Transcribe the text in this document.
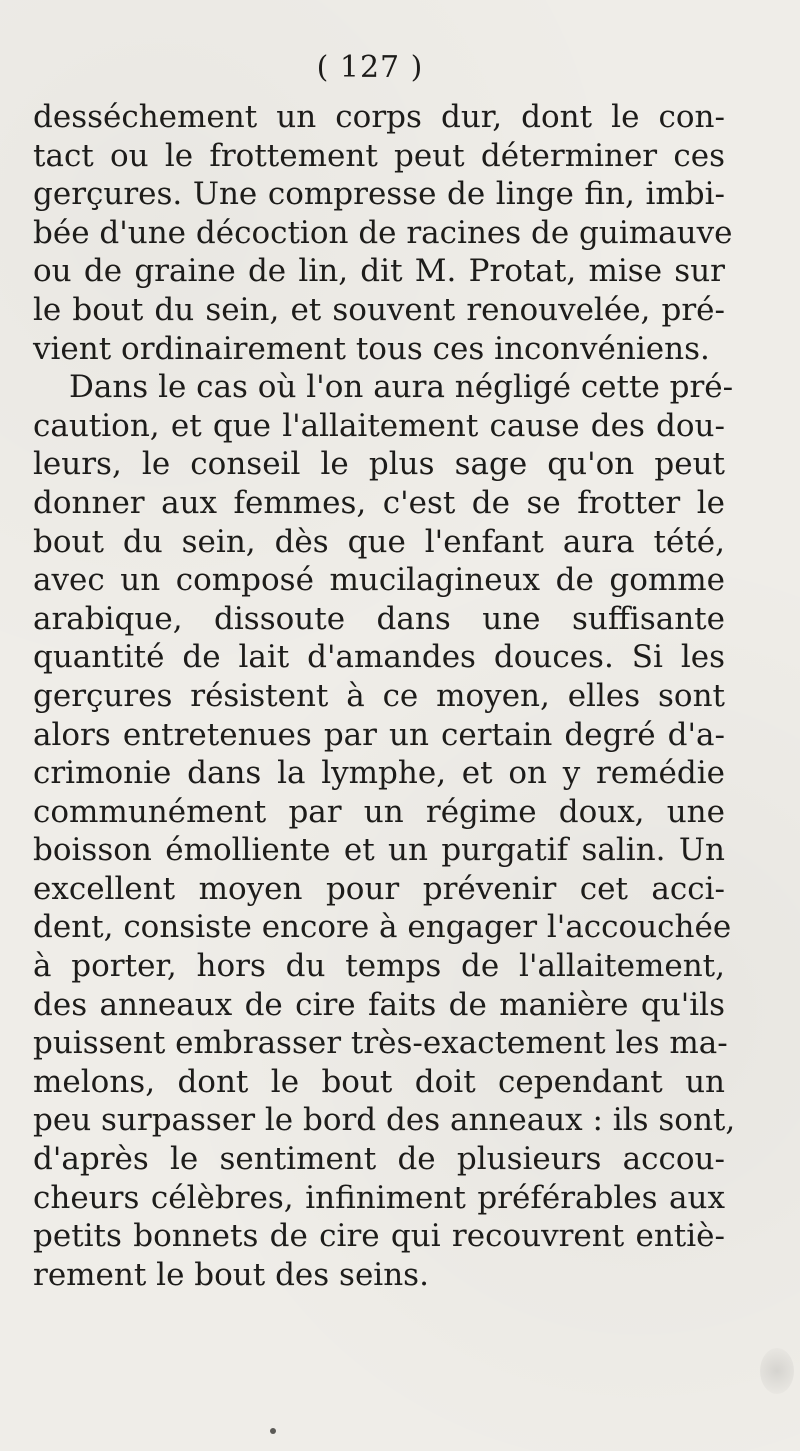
( 127 )
desséchement un corps dur, dont le con-
tact ou le frottement peut déterminer ces
gerçures. Une compresse de linge fin, imbi-
bée d'une décoction de racines de guimauve
ou de graine de lin, dit M. Protat, mise sur
le bout du sein, et souvent renouvelée, pré-
vient ordinairement tous ces inconvéniens.
Dans le cas où l'on aura négligé cette pré-
caution, et que l'allaitement cause des dou-
leurs, le conseil le plus sage qu'on peut
donner aux femmes, c'est de se frotter le
bout du sein, dès que l'enfant aura tété,
avec un composé mucilagineux de gomme
arabique, dissoute dans une suffisante
quantité de lait d'amandes douces. Si les
gerçures résistent à ce moyen, elles sont
alors entretenues par un certain degré d'a-
crimonie dans la lymphe, et on y remédie
communément par un régime doux, une
boisson émolliente et un purgatif salin. Un
excellent moyen pour prévenir cet acci-
dent, consiste encore à engager l'accouchée
à porter, hors du temps de l'allaitement,
des anneaux de cire faits de manière qu'ils
puissent embrasser très-exactement les ma-
melons, dont le bout doit cependant un
peu surpasser le bord des anneaux : ils sont,
d'après le sentiment de plusieurs accou-
cheurs célèbres, infiniment préférables aux
petits bonnets de cire qui recouvrent entiè-
rement le bout des seins.
